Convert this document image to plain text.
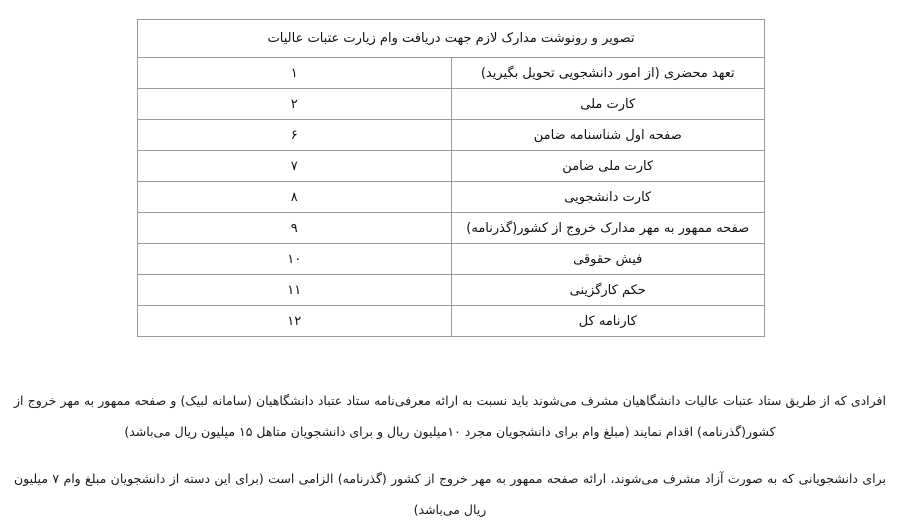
تصویر و رونوشت مدارک لازم جهت دریافت وام زیارت عتبات عالیات	
تعهد محضری (از امور دانشجویی تحویل بگیرید)	۱
کارت ملی	۲
صفحه اول شناسنامه ضامن	۶
کارت ملی ضامن	۷
کارت دانشجویی	۸
صفحه ممهور به مهر مدارک خروج از کشور(گذرنامه)	۹
فیش حقوقی	۱۰
حکم کارگزینی	۱۱
کارنامه کل	۱۲

افرادی که از طریق ستاد عتبات عالیات دانشگاهیان مشرف می‌شوند باید نسبت به ارائه معرفی‌نامه ستاد عتباد دانشگاهیان (سامانه لبیک) و صفحه ممهور به مهر خروج از کشور(گذرنامه) اقدام نمایند (مبلغ وام برای دانشجویان مجرد ۱۰میلیون ریال و برای دانشجویان متاهل ۱۵ میلیون ریال می‌باشد)

برای دانشجویانی که به صورت آزاد مشرف می‌شوند، ارائه صفحه ممهور به مهر خروج از کشور (گذرنامه) الزامی است (برای این دسته از دانشجویان مبلغ وام ۷ میلیون ریال می‌باشد)
